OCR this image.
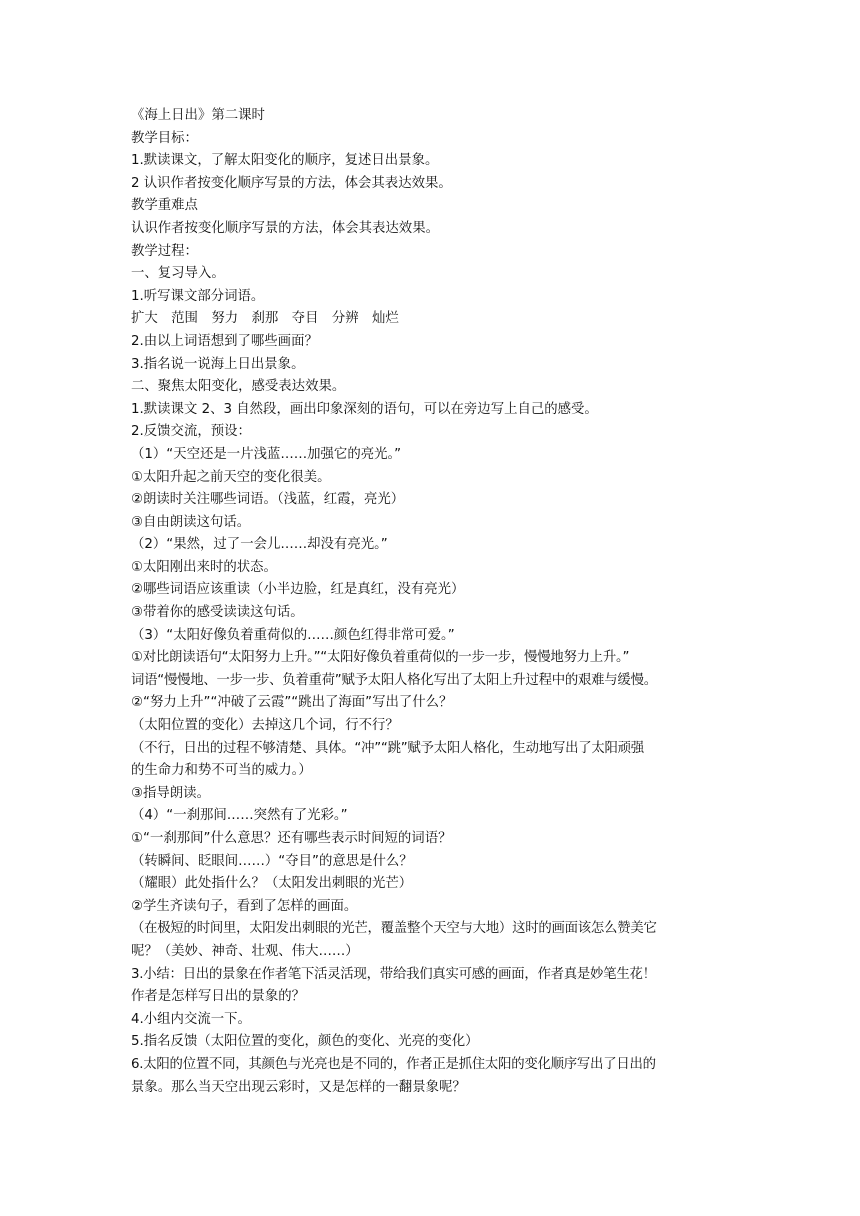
《海上日出》第二课时

教学目标：

1.默读课文，了解太阳变化的顺序，复述日出景象。

2 认识作者按变化顺序写景的方法，体会其表达效果。

教学重难点

认识作者按变化顺序写景的方法，体会其表达效果。

教学过程：

一、复习导入。

1.听写课文部分词语。

扩大　范围　努力　刹那　夺目　分辨　灿烂

2.由以上词语想到了哪些画面？

3.指名说一说海上日出景象。

二、聚焦太阳变化，感受表达效果。

1.默读课文 2、3 自然段，画出印象深刻的语句，可以在旁边写上自己的感受。

2.反馈交流，预设：

（1）“天空还是一片浅蓝……加强它的亮光。”

①太阳升起之前天空的变化很美。

②朗读时关注哪些词语。（浅蓝，红霞，亮光）

③自由朗读这句话。

（2）“果然，过了一会儿……却没有亮光。”

①太阳刚出来时的状态。

②哪些词语应该重读（小半边脸，红是真红，没有亮光）

③带着你的感受读读这句话。

（3）“太阳好像负着重荷似的……颜色红得非常可爱。”

①对比朗读语句“太阳努力上升。”“太阳好像负着重荷似的一步一步，慢慢地努力上升。”

词语“慢慢地、一步一步、负着重荷”赋予太阳人格化写出了太阳上升过程中的艰难与缓慢。

②“努力上升”“冲破了云霞”“跳出了海面”写出了什么？

（太阳位置的变化）去掉这几个词，行不行？

（不行，日出的过程不够清楚、具体。“冲”“跳”赋予太阳人格化，生动地写出了太阳顽强

的生命力和势不可当的威力。）

③指导朗读。

（4）“一刹那间……突然有了光彩。”

①“一刹那间”什么意思？还有哪些表示时间短的词语？

（转瞬间、眨眼间……）“夺目”的意思是什么？

（耀眼）此处指什么？（太阳发出刺眼的光芒）

②学生齐读句子，看到了怎样的画面。

（在极短的时间里，太阳发出刺眼的光芒，覆盖整个天空与大地）这时的画面该怎么赞美它

呢？（美妙、神奇、壮观、伟大……）

3.小结：日出的景象在作者笔下活灵活现，带给我们真实可感的画面，作者真是妙笔生花！

作者是怎样写日出的景象的？

4.小组内交流一下。

5.指名反馈（太阳位置的变化，颜色的变化、光亮的变化）

6.太阳的位置不同，其颜色与光亮也是不同的，作者正是抓住太阳的变化顺序写出了日出的

景象。那么当天空出现云彩时，又是怎样的一翻景象呢？
